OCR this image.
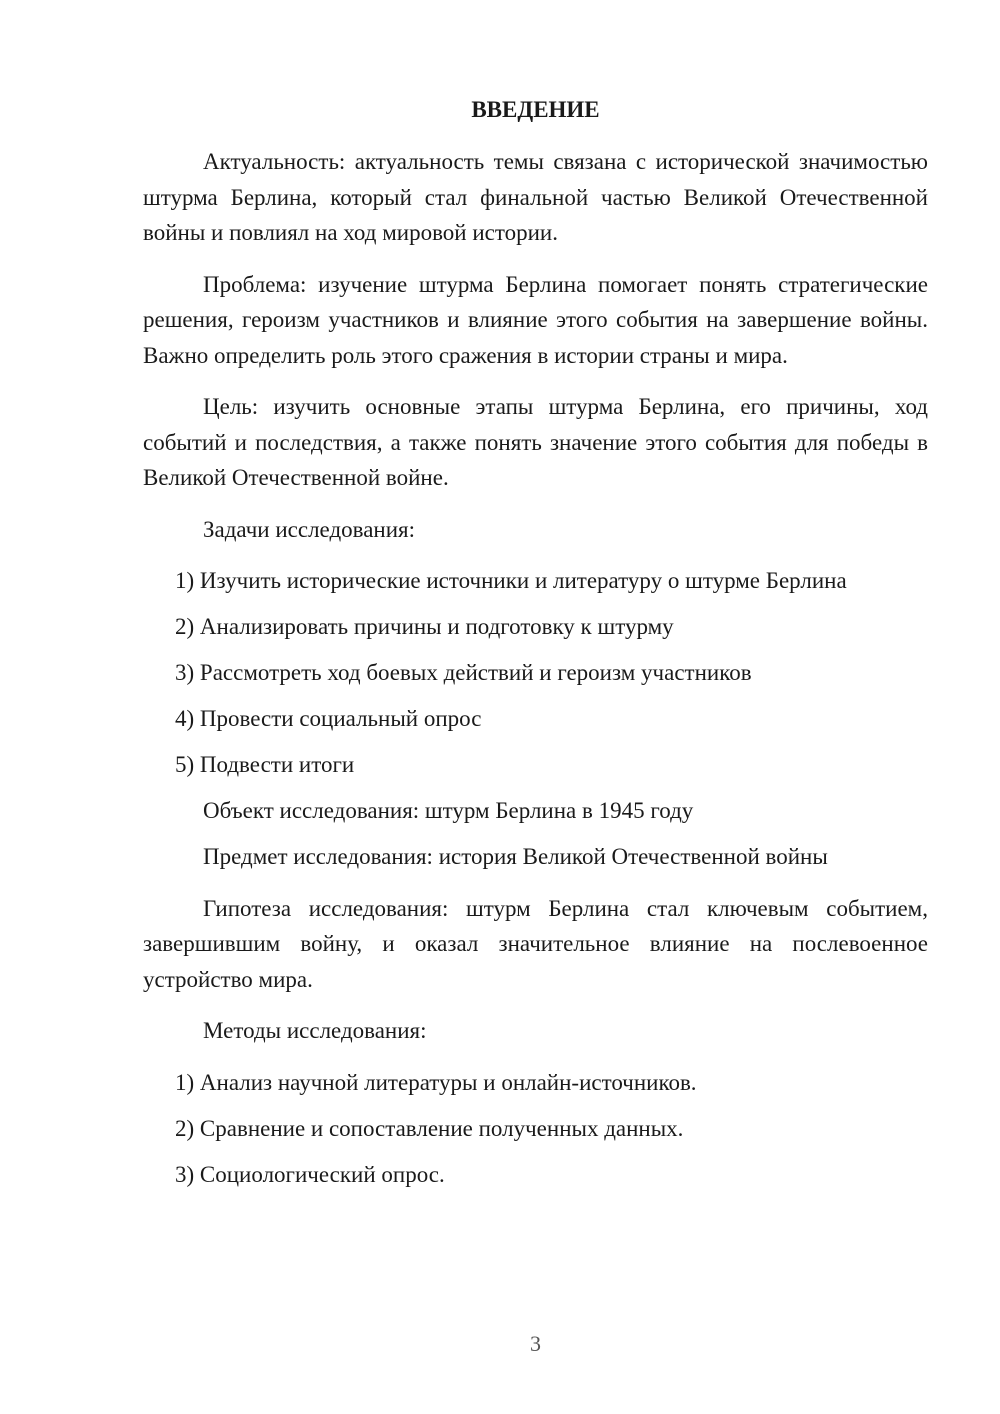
ВВЕДЕНИЕ
Актуальность: актуальность темы связана с исторической значимостью штурма Берлина, который стал финальной частью Великой Отечественной войны и повлиял на ход мировой истории.
Проблема: изучение штурма Берлина помогает понять стратегические решения, героизм участников и влияние этого события на завершение войны. Важно определить роль этого сражения в истории страны и мира.
Цель: изучить основные этапы штурма Берлина, его причины, ход событий и последствия, а также понять значение этого события для победы в Великой Отечественной войне.
Задачи исследования:
1) Изучить исторические источники и литературу о штурме Берлина
2) Анализировать причины и подготовку к штурму
3) Рассмотреть ход боевых действий и героизм участников
4) Провести социальный опрос
5) Подвести итоги
Объект исследования: штурм Берлина в 1945 году
Предмет исследования: история Великой Отечественной войны
Гипотеза исследования: штурм Берлина стал ключевым событием, завершившим войну, и оказал значительное влияние на послевоенное устройство мира.
Методы исследования:
1) Анализ научной литературы и онлайн-источников.
2) Сравнение и сопоставление полученных данных.
3) Социологический опрос.
3
